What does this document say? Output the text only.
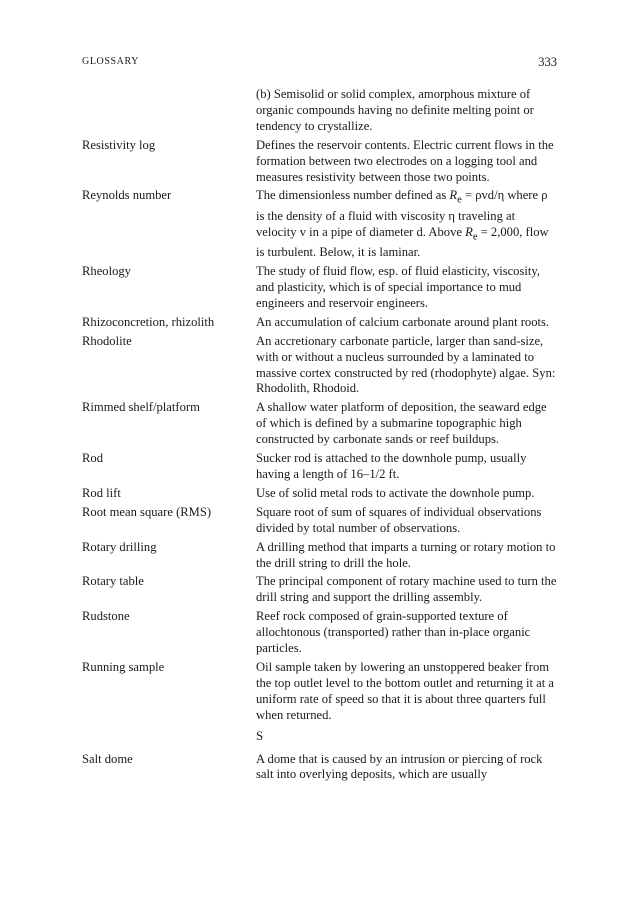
GLOSSARY	333
(b) Semisolid or solid complex, amorphous mixture of organic compounds having no definite melting point or tendency to crystallize.
Resistivity log	Defines the reservoir contents. Electric current flows in the formation between two electrodes on a logging tool and measures resistivity between those two points.
Reynolds number	The dimensionless number defined as $R_e = \rho vd/\eta$ where ρ is the density of a fluid with viscosity η traveling at velocity v in a pipe of diameter d. Above $R_e = 2,000$, flow is turbulent. Below, it is laminar.
Rheology	The study of fluid flow, esp. of fluid elasticity, viscosity, and plasticity, which is of special importance to mud engineers and reservoir engineers.
Rhizoconcretion, rhizolith	An accumulation of calcium carbonate around plant roots.
Rhodolite	An accretionary carbonate particle, larger than sand-size, with or without a nucleus surrounded by a laminated to massive cortex constructed by red (rhodophyte) algae. Syn: Rhodolith, Rhodoid.
Rimmed shelf/platform	A shallow water platform of deposition, the seaward edge of which is defined by a submarine topographic high constructed by carbonate sands or reef buildups.
Rod	Sucker rod is attached to the downhole pump, usually having a length of 16–1/2 ft.
Rod lift	Use of solid metal rods to activate the downhole pump.
Root mean square (RMS)	Square root of sum of squares of individual observations divided by total number of observations.
Rotary drilling	A drilling method that imparts a turning or rotary motion to the drill string to drill the hole.
Rotary table	The principal component of rotary machine used to turn the drill string and support the drilling assembly.
Rudstone	Reef rock composed of grain-supported texture of allochtonous (transported) rather than in-place organic particles.
Running sample	Oil sample taken by lowering an unstoppered beaker from the top outlet level to the bottom outlet and returning it at a uniform rate of speed so that it is about three quarters full when returned.
S
Salt dome	A dome that is caused by an intrusion or piercing of rock salt into overlying deposits, which are usually
